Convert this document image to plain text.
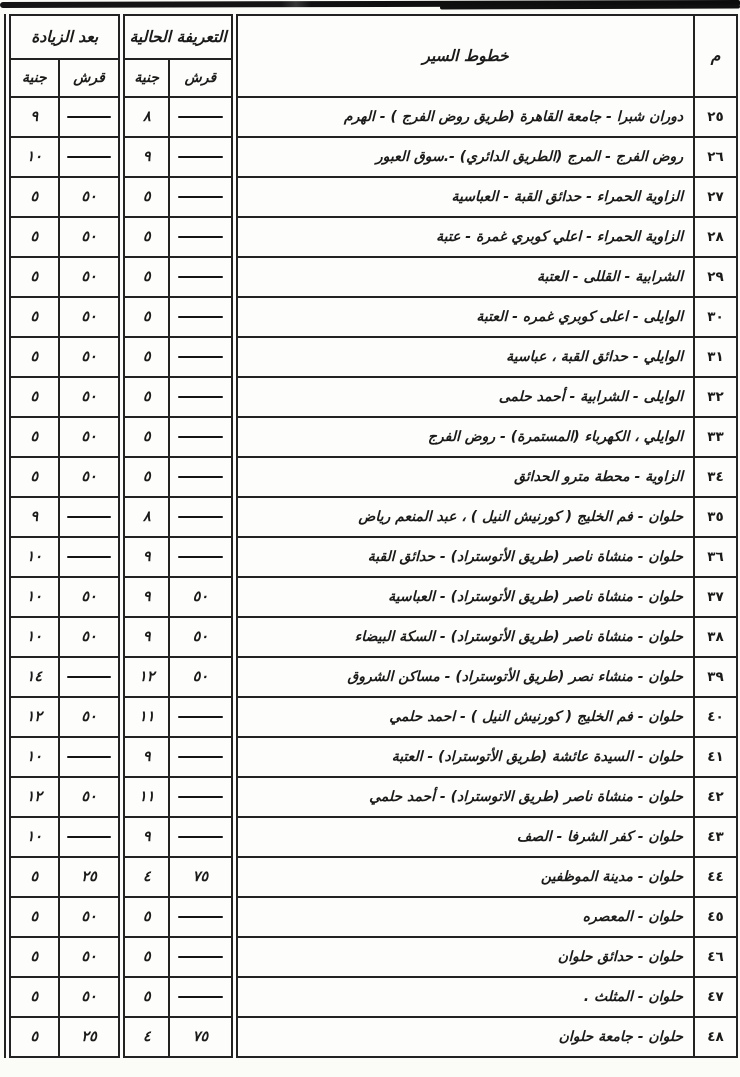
م	خطوط السير	التعريفة الحالية		بعد الزيادة	
		قرش	جنية	قرش	جنية
٢٥	دوران شبرا - جامعة القاهرة (طريق روض الفرج ) - الهرم		٨		٩
٢٦	روض الفرج - المرج (الطريق الدائري) -.سوق العبور		٩		١٠
٢٧	الزاوية الحمراء - حدائق القبة - العباسية		٥	٥٠	٥
٢٨	الزاوية الحمراء - اعلي كوبري غمرة - عتبة		٥	٥٠	٥
٢٩	الشرابية - القللى - العتبة		٥	٥٠	٥
٣٠	الوايلى - اعلى كوبري غمره - العتبة		٥	٥٠	٥
٣١	الوايلي - حدائق القبة ، عباسية		٥	٥٠	٥
٣٢	الوايلى - الشرابية - أحمد حلمى		٥	٥٠	٥
٣٣	الوايلي ، الكهرباء (المستمرة) - روض الفرج		٥	٥٠	٥
٣٤	الزاوية - محطة مترو الحدائق		٥	٥٠	٥
٣٥	حلوان - فم الخليج ( كورنيش النيل ) ، عبد المنعم رياض		٨		٩
٣٦	حلوان - منشاة ناصر (طريق الأتوستراد) - حدائق القبة		٩		١٠
٣٧	حلوان - منشاة ناصر (طريق الأتوستراد) - العباسية	٥٠	٩	٥٠	١٠
٣٨	حلوان - منشاة ناصر (طريق الأتوستراد) - السكة البيضاء	٥٠	٩	٥٠	١٠
٣٩	حلوان - منشاء نصر (طريق الأتوستراد) - مساكن الشروق	٥٠	١٢		١٤
٤٠	حلوان - فم الخليج ( كورنيش النيل ) - احمد حلمي		١١	٥٠	١٢
٤١	حلوان - السيدة عائشة (طريق الأتوستراد) - العتبة		٩		١٠
٤٢	حلوان - منشاة ناصر (طريق الاتوستراد) - أحمد حلمي		١١	٥٠	١٢
٤٣	حلوان - كفر الشرفا - الصف		٩		١٠
٤٤	حلوان - مدينة الموظفين	٧٥	٤	٢٥	٥
٤٥	حلوان - المعصره		٥	٥٠	٥
٤٦	حلوان - حدائق حلوان		٥	٥٠	٥
٤٧	حلوان - المثلث .		٥	٥٠	٥
٤٨	حلوان - جامعة حلوان	٧٥	٤	٢٥	٥
